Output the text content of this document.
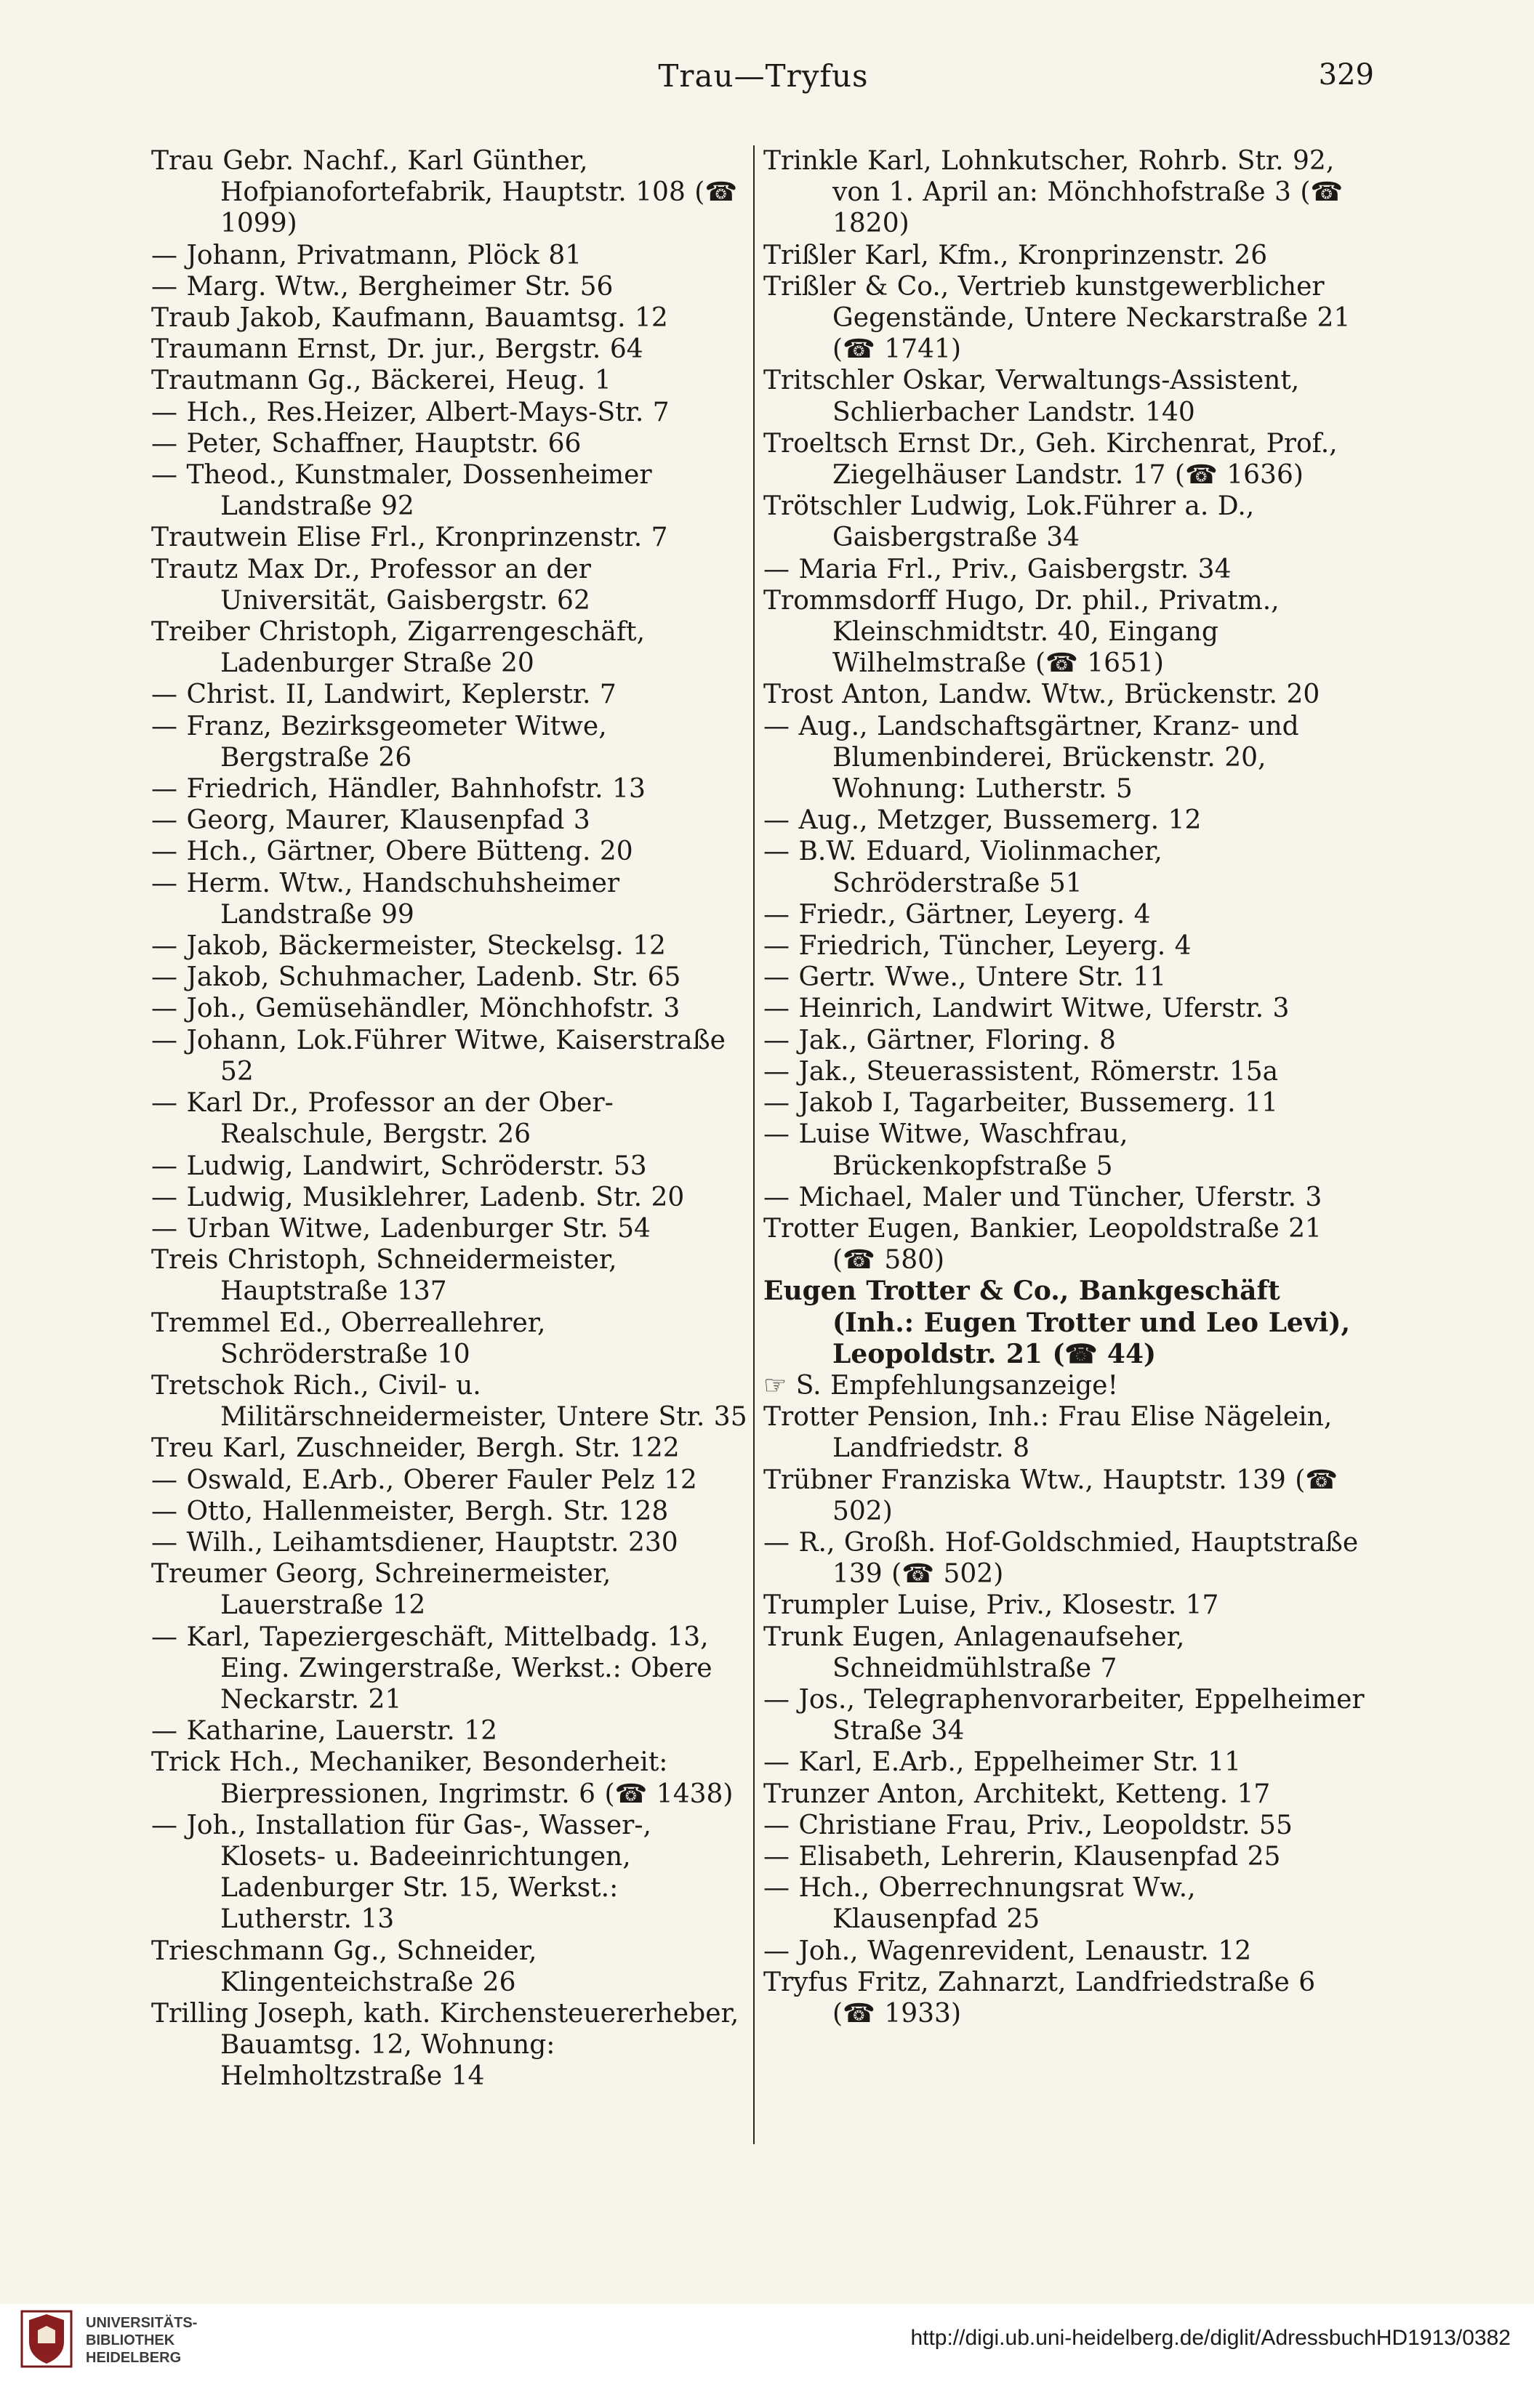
Trau—Tryfus	329
Trau Gebr. Nachf., Karl Günther, Hofpianofortefabrik, Hauptstr. 108 (☎ 1099)
— Johann, Privatmann, Plöck 81
— Marg. Wtw., Bergheimer Str. 56
Traub Jakob, Kaufmann, Bauamtsg. 12
Traumann Ernst, Dr. jur., Bergstr. 64
Trautmann Gg., Bäckerei, Heug. 1
— Hch., Res.Heizer, Albert-Mays-Str. 7
— Peter, Schaffner, Hauptstr. 66
— Theod., Kunstmaler, Dossenheimer Landstraße 92
Trautwein Elise Frl., Kronprinzenstr. 7
Trautz Max Dr., Professor an der Universität, Gaisbergstr. 62
Treiber Christoph, Zigarrengeschäft, Ladenburger Straße 20
— Christ. II, Landwirt, Keplerstr. 7
— Franz, Bezirksgeometer Witwe, Bergstraße 26
— Friedrich, Händler, Bahnhofstr. 13
— Georg, Maurer, Klausenpfad 3
— Hch., Gärtner, Obere Bütteng. 20
— Herm. Wtw., Handschuhsheimer Landstraße 99
— Jakob, Bäckermeister, Steckelsg. 12
— Jakob, Schuhmacher, Ladenb. Str. 65
— Joh., Gemüsehändler, Mönchhofstr. 3
— Johann, Lok.Führer Witwe, Kaiserstraße 52
— Karl Dr., Professor an der Ober-Realschule, Bergstr. 26
— Ludwig, Landwirt, Schröderstr. 53
— Ludwig, Musiklehrer, Ladenb. Str. 20
— Urban Witwe, Ladenburger Str. 54
Treis Christoph, Schneidermeister, Hauptstraße 137
Tremmel Ed., Oberreallehrer, Schröderstraße 10
Tretschok Rich., Civil- u. Militärschneidermeister, Untere Str. 35
Treu Karl, Zuschneider, Bergh. Str. 122
— Oswald, E.Arb., Oberer Fauler Pelz 12
— Otto, Hallenmeister, Bergh. Str. 128
— Wilh., Leihamtsdiener, Hauptstr. 230
Treumer Georg, Schreinermeister, Lauerstraße 12
— Karl, Tapeziergeschäft, Mittelbadg. 13, Eing. Zwingerstraße, Werkst.: Obere Neckarstr. 21
— Katharine, Lauerstr. 12
Trick Hch., Mechaniker, Besonderheit: Bierpressionen, Ingrimstr. 6 (☎ 1438)
— Joh., Installation für Gas-, Wasser-, Klosets- u. Badeeinrichtungen, Ladenburger Str. 15, Werkst.: Lutherstr. 13
Trieschmann Gg., Schneider, Klingenteichstraße 26
Trilling Joseph, kath. Kirchensteuererheber, Bauamtsg. 12, Wohnung: Helmholtzstraße 14
Trinkle Karl, Lohnkutscher, Rohrb. Str. 92, von 1. April an: Mönchhofstraße 3 (☎ 1820)
Trißler Karl, Kfm., Kronprinzenstr. 26
Trißler & Co., Vertrieb kunstgewerblicher Gegenstände, Untere Neckarstraße 21 (☎ 1741)
Tritschler Oskar, Verwaltungs-Assistent, Schlierbacher Landstr. 140
Troeltsch Ernst Dr., Geh. Kirchenrat, Prof., Ziegelhäuser Landstr. 17 (☎ 1636)
Trötschler Ludwig, Lok.Führer a. D., Gaisbergstraße 34
— Maria Frl., Priv., Gaisbergstr. 34
Trommsdorff Hugo, Dr. phil., Privatm., Kleinschmidtstr. 40, Eingang Wilhelmstraße (☎ 1651)
Trost Anton, Landw. Wtw., Brückenstr. 20
— Aug., Landschaftsgärtner, Kranz- und Blumenbinderei, Brückenstr. 20, Wohnung: Lutherstr. 5
— Aug., Metzger, Bussemerg. 12
— B.W. Eduard, Violinmacher, Schröderstraße 51
— Friedr., Gärtner, Leyerg. 4
— Friedrich, Tüncher, Leyerg. 4
— Gertr. Wwe., Untere Str. 11
— Heinrich, Landwirt Witwe, Uferstr. 3
— Jak., Gärtner, Floring. 8
— Jak., Steuerassistent, Römerstr. 15a
— Jakob I, Tagarbeiter, Bussemerg. 11
— Luise Witwe, Waschfrau, Brückenkopfstraße 5
— Michael, Maler und Tüncher, Uferstr. 3
Trotter Eugen, Bankier, Leopoldstraße 21 (☎ 580)
Eugen Trotter & Co., Bankgeschäft (Inh.: Eugen Trotter und Leo Levi), Leopoldstr. 21 (☎ 44)
☞ S. Empfehlungsanzeige!
Trotter Pension, Inh.: Frau Elise Nägelein, Landfriedstr. 8
Trübner Franziska Wtw., Hauptstr. 139 (☎ 502)
— R., Großh. Hof-Goldschmied, Hauptstraße 139 (☎ 502)
Trumpler Luise, Priv., Klosestr. 17
Trunk Eugen, Anlagenaufseher, Schneidmühlstraße 7
— Jos., Telegraphenvorarbeiter, Eppelheimer Straße 34
— Karl, E.Arb., Eppelheimer Str. 11
Trunzer Anton, Architekt, Ketteng. 17
— Christiane Frau, Priv., Leopoldstr. 55
— Elisabeth, Lehrerin, Klausenpfad 25
— Hch., Oberrechnungsrat Ww., Klausenpfad 25
— Joh., Wagenrevident, Lenaustr. 12
Tryfus Fritz, Zahnarzt, Landfriedstraße 6 (☎ 1933)
UNIVERSITÄTS-
BIBLIOTHEK
HEIDELBERG
http://digi.ub.uni-heidelberg.de/diglit/AdressbuchHD1913/0382
